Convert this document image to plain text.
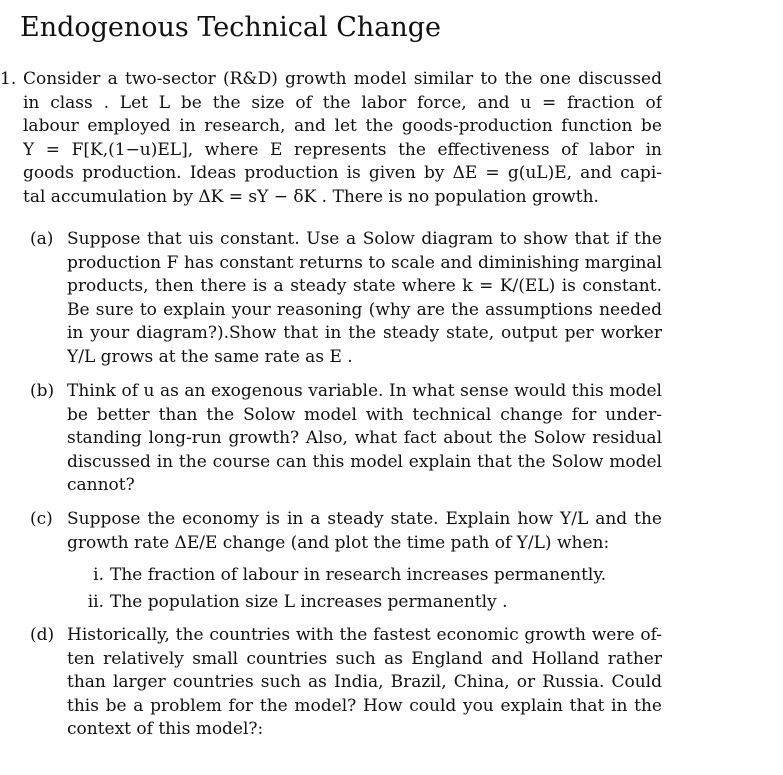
Endogenous Technical Change
1. Consider a two-sector (R&D) growth model similar to the one discussed
in class . Let L be the size of the labor force, and u = fraction of
labour employed in research, and let the goods-production function be
Y = F[K,(1−u)EL], where E represents the effectiveness of labor in
goods production. Ideas production is given by ΔE = g(uL)E, and capi-
tal accumulation by ΔK = sY − δK . There is no population growth.
(a) Suppose that uis constant. Use a Solow diagram to show that if the
production F has constant returns to scale and diminishing marginal
products, then there is a steady state where k = K/(EL) is constant.
Be sure to explain your reasoning (why are the assumptions needed
in your diagram?).Show that in the steady state, output per worker
Y/L grows at the same rate as E .
(b) Think of u as an exogenous variable. In what sense would this model
be better than the Solow model with technical change for under-
standing long-run growth? Also, what fact about the Solow residual
discussed in the course can this model explain that the Solow model
cannot?
(c) Suppose the economy is in a steady state. Explain how Y/L and the
growth rate ΔE/E change (and plot the time path of Y/L) when:
i. The fraction of labour in research increases permanently.
ii. The population size L increases permanently .
(d) Historically, the countries with the fastest economic growth were of-
ten relatively small countries such as England and Holland rather
than larger countries such as India, Brazil, China, or Russia. Could
this be a problem for the model? How could you explain that in the
context of this model?:
